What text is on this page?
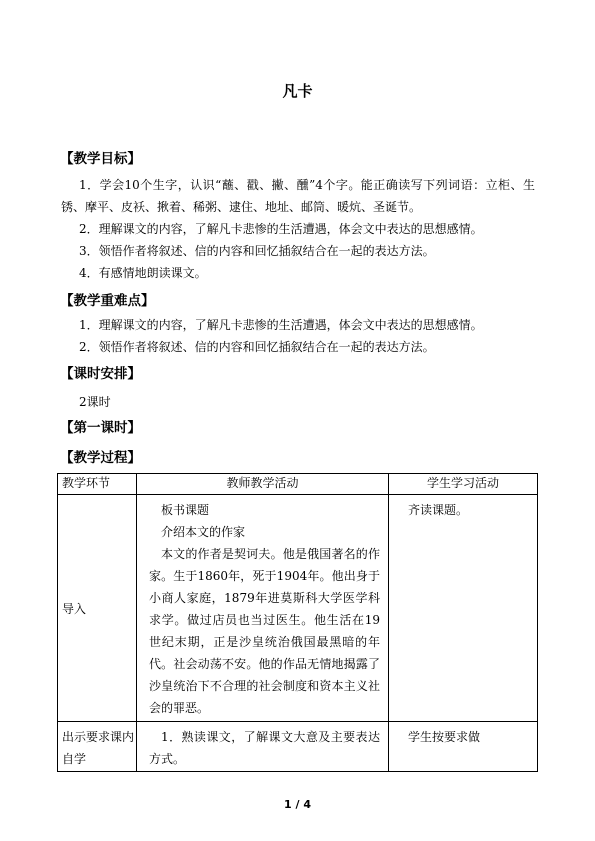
凡卡
【教学目标】

1．学会10个生字，认识“蘸、戳、撇、醺”4个字。能正确读写下列词语：立柜、生锈、摩平、皮袄、揪着、稀粥、逮住、地址、邮筒、暖炕、圣诞节。

2．理解课文的内容，了解凡卡悲惨的生活遭遇，体会文中表达的思想感情。

3．领悟作者将叙述、信的内容和回忆插叙结合在一起的表达方法。

4．有感情地朗读课文。

【教学重难点】

1．理解课文的内容，了解凡卡悲惨的生活遭遇，体会文中表达的思想感情。

2．领悟作者将叙述、信的内容和回忆插叙结合在一起的表达方法。

【课时安排】
2课时
【第一课时】
【教学过程】
教学环节	教师教学活动	学生学习活动
导入	板书课题

介绍本文的作家

本文的作者是契诃夫。他是俄国著名的作家。生于1860年，死于1904年。他出身于小商人家庭，1879年进莫斯科大学医学科求学。做过店员也当过医生。他生活在19世纪末期，正是沙皇统治俄国最黑暗的年代。社会动荡不安。他的作品无情地揭露了沙皇统治下不合理的社会制度和资本主义社会的罪恶。	齐读课题。
出示要求课内自学	1．熟读课文，了解课文大意及主要表达方式。	学生按要求做
1 / 4
